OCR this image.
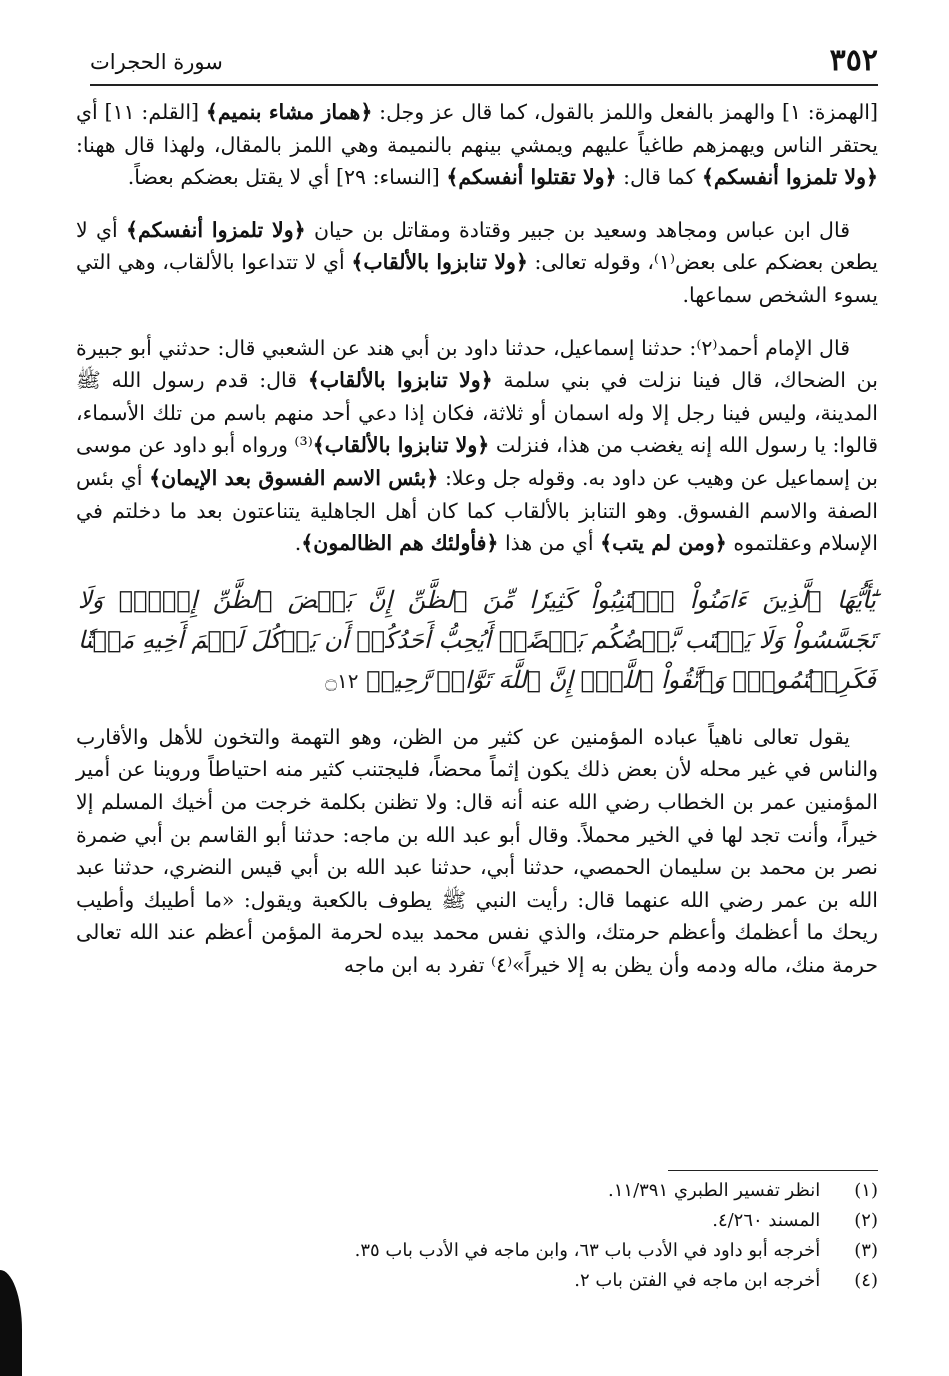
٣٥٢
سورة الحجرات

[الهمزة: ١] والهمز بالفعل واللمز بالقول، كما قال عز وجل: ﴿هماز مشاء بنميم﴾ [القلم: ١١] أي يحتقر الناس ويهمزهم طاغياً عليهم ويمشي بينهم بالنميمة وهي اللمز بالمقال، ولهذا قال ههنا: ﴿ولا تلمزوا أنفسكم﴾ كما قال: ﴿ولا تقتلوا أنفسكم﴾ [النساء: ٢٩] أي لا يقتل بعضكم بعضاً.

قال ابن عباس ومجاهد وسعيد بن جبير وقتادة ومقاتل بن حيان ﴿ولا تلمزوا أنفسكم﴾ أي لا يطعن بعضكم على بعض⁽١⁾، وقوله تعالى: ﴿ولا تنابزوا بالألقاب﴾ أي لا تتداعوا بالألقاب، وهي التي يسوء الشخص سماعها.

قال الإمام أحمد⁽٢⁾: حدثنا إسماعيل، حدثنا داود بن أبي هند عن الشعبي قال: حدثني أبو جبيرة بن الضحاك، قال فينا نزلت في بني سلمة ﴿ولا تنابزوا بالألقاب﴾ قال: قدم رسول الله ﷺ المدينة، وليس فينا رجل إلا وله اسمان أو ثلاثة، فكان إذا دعي أحد منهم باسم من تلك الأسماء، قالوا: يا رسول الله إنه يغضب من هذا، فنزلت ﴿ولا تنابزوا بالألقاب﴾⁽³⁾ ورواه أبو داود عن موسى بن إسماعيل عن وهيب عن داود به. وقوله جل وعلا: ﴿بئس الاسم الفسوق بعد الإيمان﴾ أي بئس الصفة والاسم الفسوق. وهو التنابز بالألقاب كما كان أهل الجاهلية يتناعتون بعد ما دخلتم في الإسلام وعقلتموه ﴿ومن لم يتب﴾ أي من هذا ﴿فأولئك هم الظالمون﴾.

يَٰٓأَيُّهَا ٱلَّذِينَ ءَامَنُواْ ٱجۡتَنِبُواْ كَثِيرٗا مِّنَ ٱلظَّنِّ إِنَّ بَعۡضَ ٱلظَّنِّ إِثۡمٞۖ وَلَا تَجَسَّسُواْ وَلَا يَغۡتَب بَّعۡضُكُم بَعۡضًاۚ أَيُحِبُّ أَحَدُكُمۡ أَن يَأۡكُلَ لَحۡمَ أَخِيهِ مَيۡتٗا فَكَرِهۡتُمُوهُۚ وَٱتَّقُواْ ٱللَّهَۚ إِنَّ ٱللَّهَ تَوَّابٞ رَّحِيمٞ ۝١٢

يقول تعالى ناهياً عباده المؤمنين عن كثير من الظن، وهو التهمة والتخون للأهل والأقارب والناس في غير محله لأن بعض ذلك يكون إثماً محضاً، فليجتنب كثير منه احتياطاً وروينا عن أمير المؤمنين عمر بن الخطاب رضي الله عنه أنه قال: ولا تظنن بكلمة خرجت من أخيك المسلم إلا خيراً، وأنت تجد لها في الخير محملاً. وقال أبو عبد الله بن ماجه: حدثنا أبو القاسم بن أبي ضمرة نصر بن محمد بن سليمان الحمصي، حدثنا أبي، حدثنا عبد الله بن أبي قيس النضري، حدثنا عبد الله بن عمر رضي الله عنهما قال: رأيت النبي ﷺ يطوف بالكعبة ويقول: «ما أطيبك وأطيب ريحك ما أعظمك وأعظم حرمتك، والذي نفس محمد بيده لحرمة المؤمن أعظم عند الله تعالى حرمة منك، ماله ودمه وأن يظن به إلا خيراً»⁽٤⁾ تفرد به ابن ماجه

(١) انظر تفسير الطبري ١١/٣٩١.
(٢) المسند ٤/٢٦٠.
(٣) أخرجه أبو داود في الأدب باب ٦٣، وابن ماجه في الأدب باب ٣٥.
(٤) أخرجه ابن ماجه في الفتن باب ٢.
